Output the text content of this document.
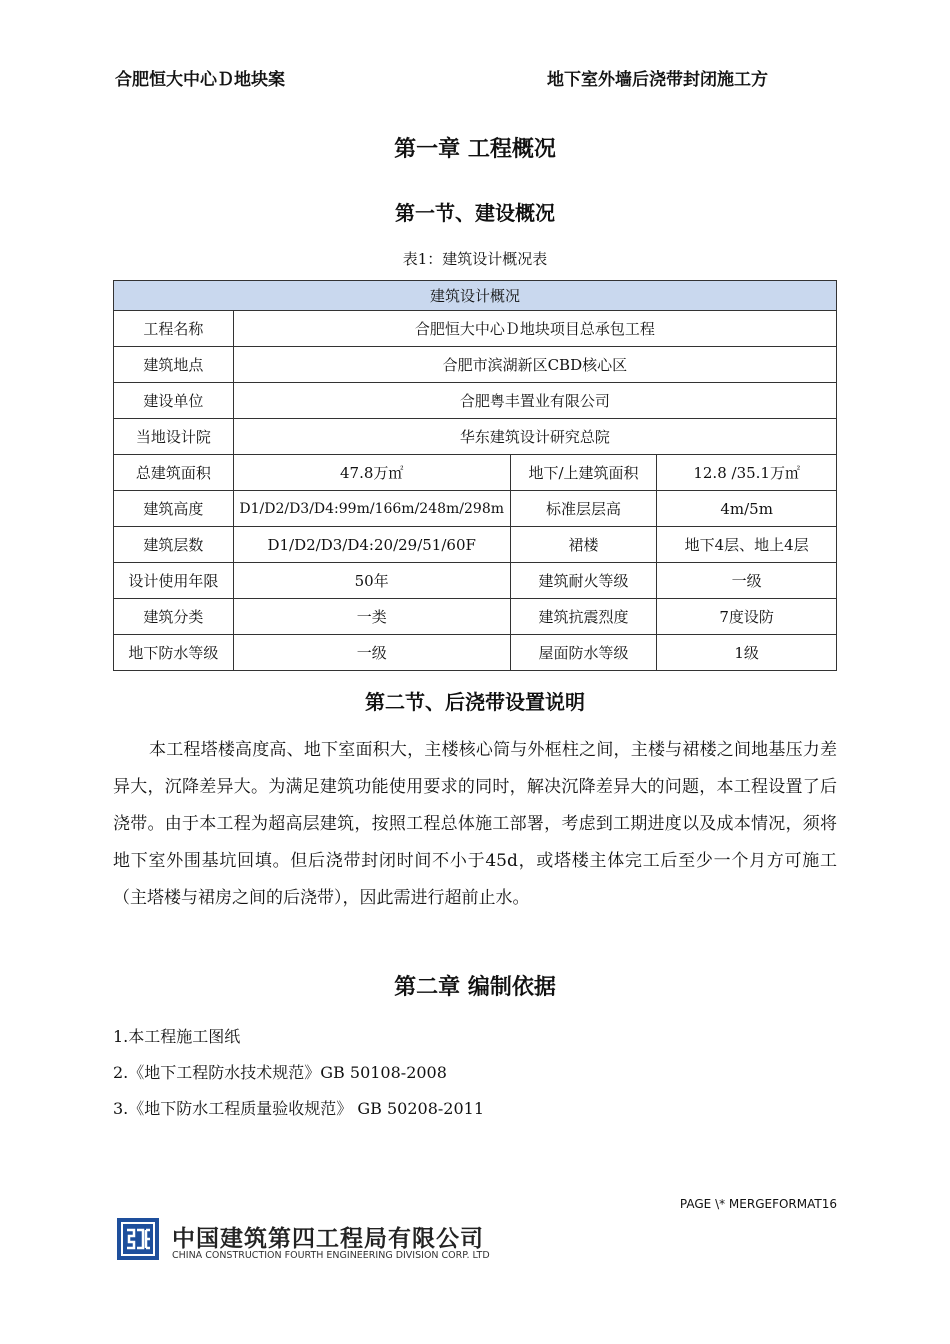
合肥恒大中心Ｄ地块案	地下室外墙后浇带封闭施工方
第一章 工程概况
第一节、建设概况
表1：建筑设计概况表
建筑设计概况			
工程名称	合肥恒大中心Ｄ地块项目总承包工程		
建筑地点	合肥市滨湖新区CBD核心区		
建设单位	合肥粤丰置业有限公司		
当地设计院	华东建筑设计研究总院		
总建筑面积	47.8万㎡	地下/上建筑面积	12.8 /35.1万㎡
建筑高度	D1/D2/D3/D4:99m/166m/248m/298m	标准层层高	4m/5m
建筑层数	D1/D2/D3/D4:20/29/51/60F	裙楼	地下4层、地上4层
设计使用年限	50年	建筑耐火等级	一级
建筑分类	一类	建筑抗震烈度	7度设防
地下防水等级	一级	屋面防水等级	1级
第二节、后浇带设置说明

本工程塔楼高度高、地下室面积大，主楼核心筒与外框柱之间，主楼与裙楼之间地基压力差异大，沉降差异大。为满足建筑功能使用要求的同时，解决沉降差异大的问题，本工程设置了后浇带。由于本工程为超高层建筑，按照工程总体施工部署，考虑到工期进度以及成本情况，须将地下室外围基坑回填。但后浇带封闭时间不小于45d，或塔楼主体完工后至少一个月方可施工（主塔楼与裙房之间的后浇带），因此需进行超前止水。

第二章 编制依据
1.本工程施工图纸
2.《地下工程防水技术规范》GB 50108-2008
3.《地下防水工程质量验收规范》 GB 50208-2011
PAGE \* MERGEFORMAT16
中国建筑第四工程局有限公司
CHINA CONSTRUCTION FOURTH ENGINEERING DIVISION CORP. LTD
